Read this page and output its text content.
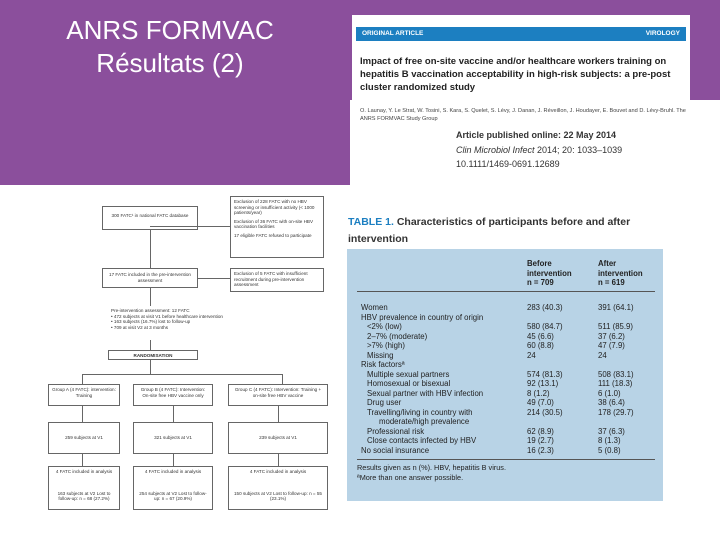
ANRS FORMVAC
Résultats (2)
ORIGINAL ARTICLE	VIROLOGY
Impact of free on-site vaccine and/or healthcare workers training on hepatitis B vaccination acceptability in high-risk subjects: a pre-post cluster randomized study
O. Launay, Y. Le Strat, W. Tosini, S. Kara, S. Quelet, S. Lévy, J. Danan, J. Réveillon, J. Houdayer, E. Bouvet and D. Lévy-Bruhl. The ANRS FORMVAC Study Group
Article published online: 22 May 2014
Clin Microbiol Infect 2014; 20: 1033–1039
10.1111/1469-0691.12689
TABLE 1. Characteristics of participants before and after intervention
Before
intervention
n = 709
After
intervention
n = 619
Women	283 (40.3)	391 (64.1)
HBV prevalence in country of origin
<2% (low)	580 (84.7)	511 (85.9)
2–7% (moderate)	45 (6.6)	37 (6.2)
>7% (high)	60 (8.8)	47 (7.9)
Missing	24	24
Risk factorsª
Multiple sexual partners	574 (81.3)	508 (83.1)
Homosexual or bisexual	92 (13.1)	111 (18.3)
Sexual partner with HBV infection	8 (1.2)	6 (1.0)
Drug user	49 (7.0)	38 (6.4)
Travelling/living in country with	214 (30.5)	178 (29.7)
moderate/high prevalence
Professional risk	62 (8.9)	37 (6.3)
Close contacts infected by HBV	19 (2.7)	8 (1.3)
No social insurance	16 (2.3)	5 (0.8)
Results given as n (%). HBV, hepatitis B virus.
ªMore than one answer possible.
300 FATC¹ in national FATC database
Exclusion of 228 FATC with no HBV screening or insufficient activity (< 1000 patients/year)
Exclusion of 36 FATC with on-site HBV vaccination facilities
17 eligible FATC refused to participate
17 FATC included in the pre-intervention assessment
Exclusion of 5 FATC with insufficient recruitment during pre-intervention assessment
Pre-intervention assessment: 12 FATC
• 472 subjects at visit V1 before healthcare intervention
• 163 subjects (16.7%) lost to follow-up
• 709 at visit V2 at 3 months
RANDOMISATION
Group A (4 FATC): intervention: Training
Group B (4 FATC): Intervention: On-site free HBV vaccine only
Group C (4 FATC): Intervention: Training + on-site free HBV vaccine
259 subjects at V1	321 subjects at V1	239 subjects at V1
4 FATC included in analysis
163 subjects at V2 Lost to follow-up: n = 68 (27.2%)
4 FATC included in analysis
254 subjects at V2 Lost to follow-up: n = 67 (20.9%)
4 FATC included in analysis
150 subjects at V2 Lost to follow-up: n = 55 (23.1%)
